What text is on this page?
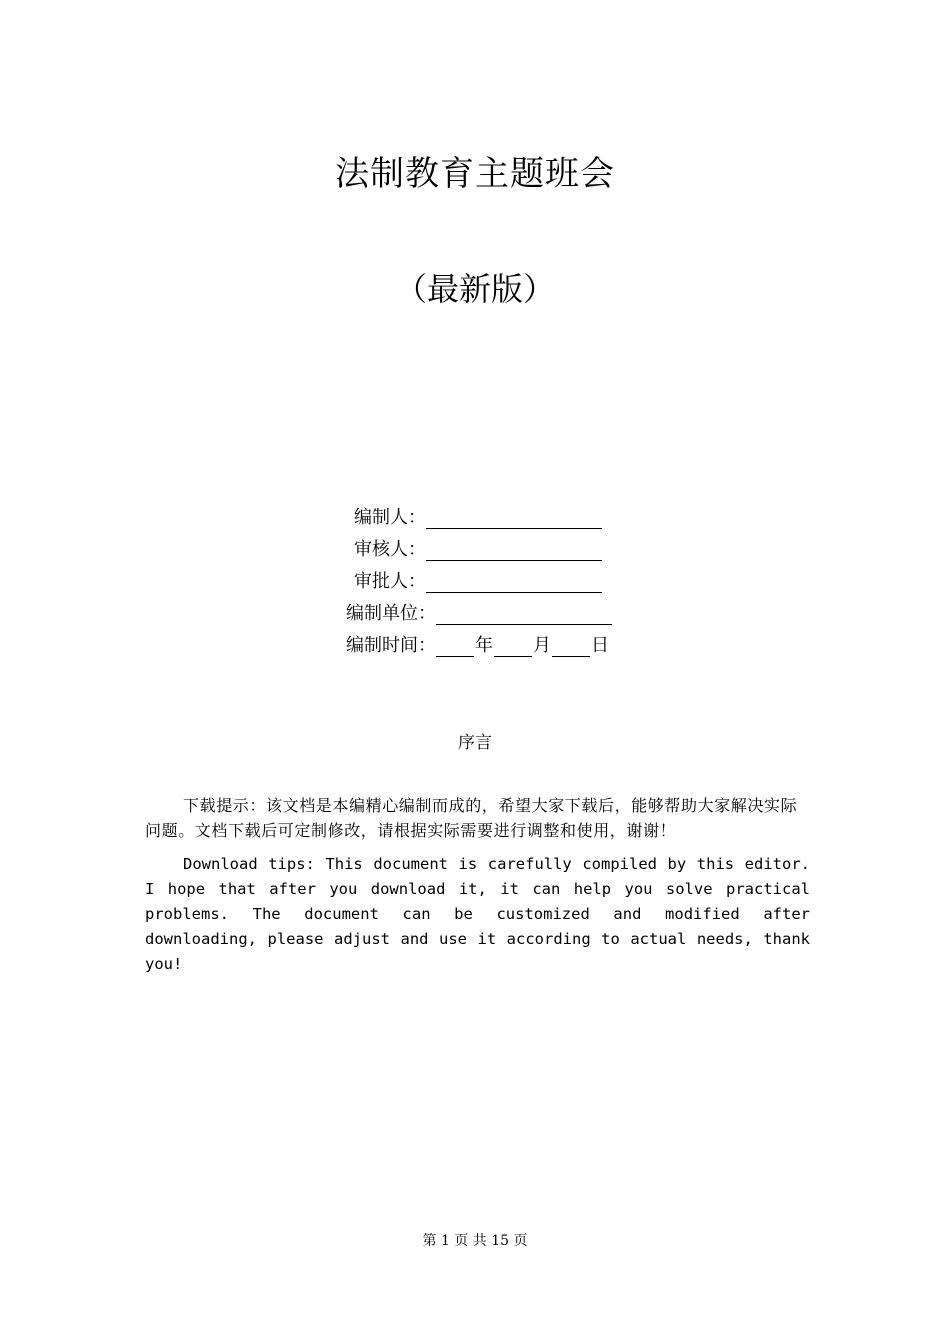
法制教育主题班会
（最新版）
编制人：
审核人：
审批人：
编制单位：
编制时间： 年 月 日
序言

下载提示：该文档是本编精心编制而成的，希望大家下载后，能够帮助大家解决实际问题。文档下载后可定制修改，请根据实际需要进行调整和使用，谢谢！

Download tips: This document is carefully compiled by this editor. I hope that after you download it, it can help you solve practical problems. The document can be customized and modified after downloading, please adjust and use it according to actual needs, thank you!

第 1 页 共 15 页
